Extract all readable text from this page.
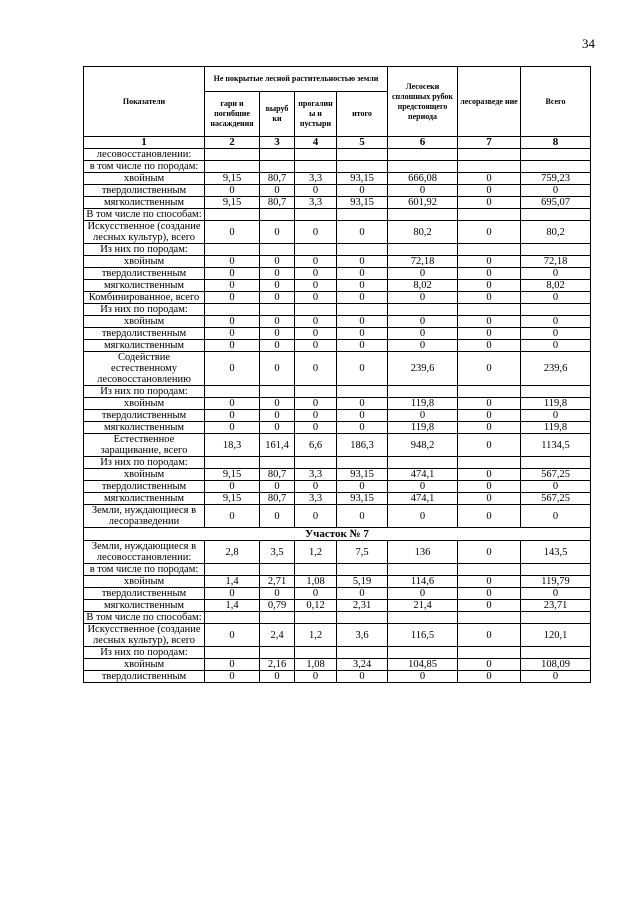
34
Показатели	Не покрытые лесной растительностью земли				Лесосеки сплошных рубок предстоящего периода	лесоразведе ние	Всего
	гари и погибшие насаждения	выруб ки	прогалин ы и пустыри	итого			
1	2	3	4	5	6	7	8
лесовосстановлении:							
в том числе по породам:							
хвойным	9,15	80,7	3,3	93,15	666,08	0	759,23
твердолиственным	0	0	0	0	0	0	0
мягколиственным	9,15	80,7	3,3	93,15	601,92	0	695,07
В том числе по способам:							
Искусственное (создание лесных культур), всего	0	0	0	0	80,2	0	80,2
Из них по породам:							
хвойным	0	0	0	0	72,18	0	72,18
твердолиственным	0	0	0	0	0	0	0
мягколиственным	0	0	0	0	8,02	0	8,02
Комбинированное, всего	0	0	0	0	0	0	0
Из них по породам:							
хвойным	0	0	0	0	0	0	0
твердолиственным	0	0	0	0	0	0	0
мягколиственным	0	0	0	0	0	0	0
Содействие естественному лесовосстановлению	0	0	0	0	239,6	0	239,6
Из них по породам:							
хвойным	0	0	0	0	119,8	0	119,8
твердолиственным	0	0	0	0	0	0	0
мягколиственным	0	0	0	0	119,8	0	119,8
Естественное заращивание, всего	18,3	161,4	6,6	186,3	948,2	0	1134,5
Из них по породам:							
хвойным	9,15	80,7	3,3	93,15	474,1	0	567,25
твердолиственным	0	0	0	0	0	0	0
мягколиственным	9,15	80,7	3,3	93,15	474,1	0	567,25
Земли, нуждающиеся в лесоразведении	0	0	0	0	0	0	0
Участок № 7							
Земли, нуждающиеся в лесовосстановлении:	2,8	3,5	1,2	7,5	136	0	143,5
в том числе по породам:							
хвойным	1,4	2,71	1,08	5,19	114,6	0	119,79
твердолиственным	0	0	0	0	0	0	0
мягколиственным	1,4	0,79	0,12	2,31	21,4	0	23,71
В том числе по способам:							
Искусственное (создание лесных культур), всего	0	2,4	1,2	3,6	116,5	0	120,1
Из них по породам:							
хвойным	0	2,16	1,08	3,24	104,85	0	108,09
твердолиственным	0	0	0	0	0	0	0
